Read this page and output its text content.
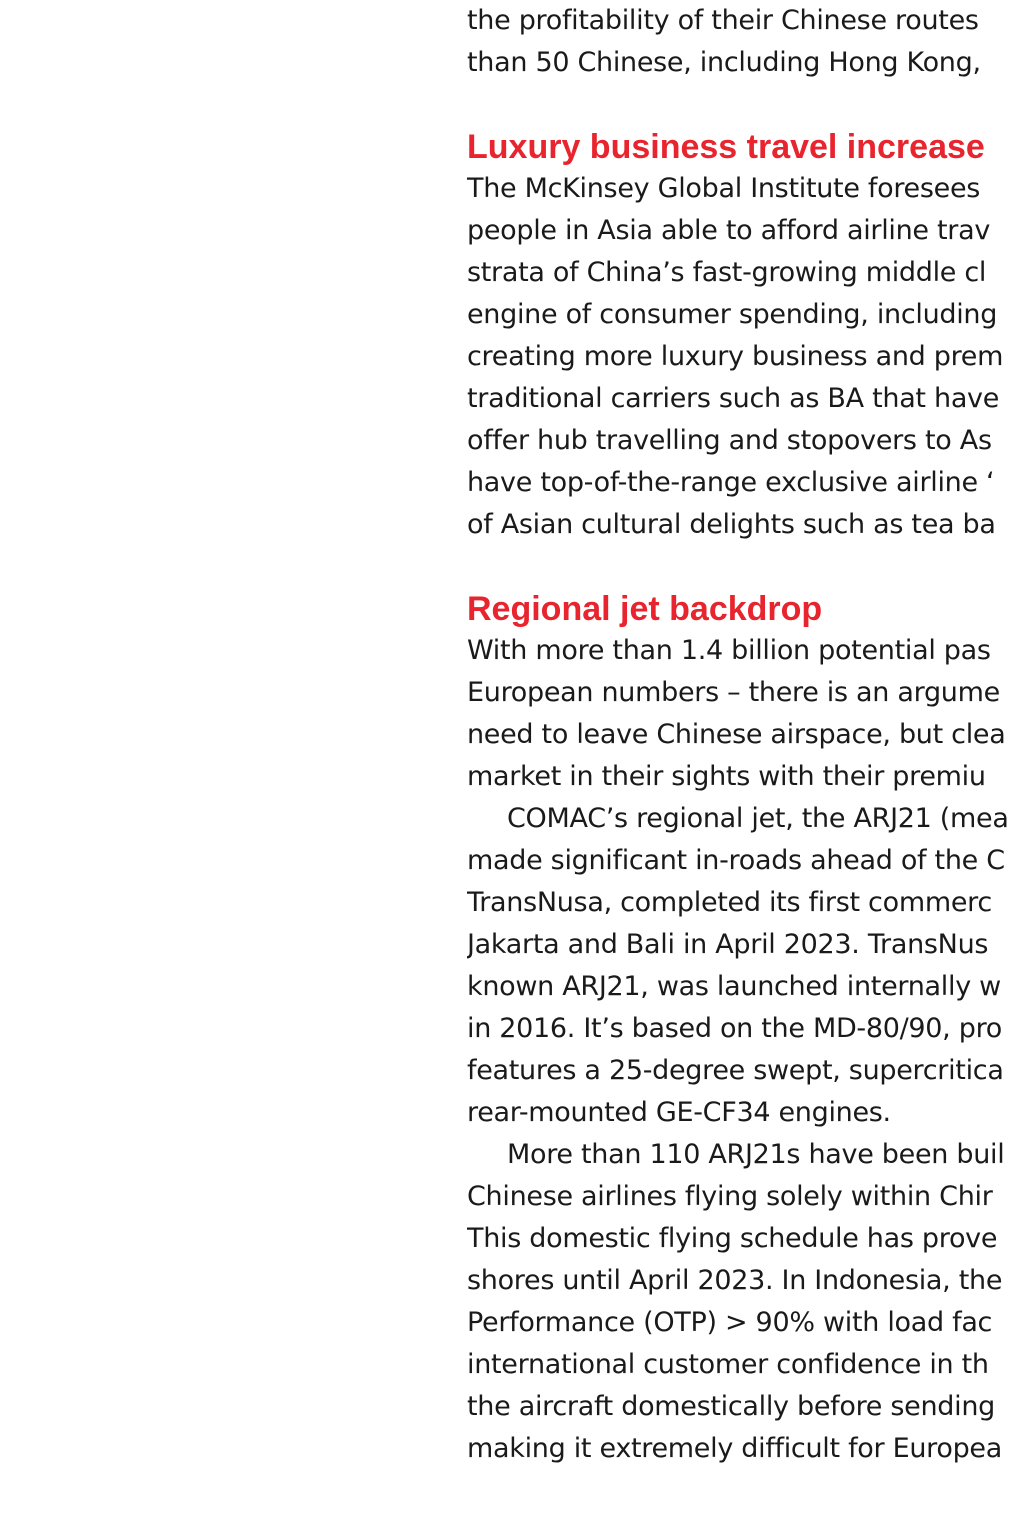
the profitability of their Chinese routes
than 50 Chinese, including Hong Kong,
Luxury business travel increase
The McKinsey Global Institute foresees
people in Asia able to afford airline trav
strata of China’s fast-growing middle cl
engine of consumer spending, including
creating more luxury business and prem
traditional carriers such as BA that have
offer hub travelling and stopovers to As
have top-of-the-range exclusive airline ‘
of Asian cultural delights such as tea ba
Regional jet backdrop
With more than 1.4 billion potential pas
European numbers – there is an argume
need to leave Chinese airspace, but clea
market in their sights with their premiu
COMAC’s regional jet, the ARJ21 (mea
made significant in-roads ahead of the C
TransNusa, completed its first commerc
Jakarta and Bali in April 2023. TransNus
known ARJ21, was launched internally w
in 2016. It’s based on the MD-80/90, pro
features a 25-degree swept, supercritica
rear-mounted GE-CF34 engines.
More than 110 ARJ21s have been buil
Chinese airlines flying solely within Chir
This domestic flying schedule has prove
shores until April 2023. In Indonesia, the
Performance (OTP) > 90% with load fac
international customer confidence in th
the aircraft domestically before sending
making it extremely difficult for Europea
